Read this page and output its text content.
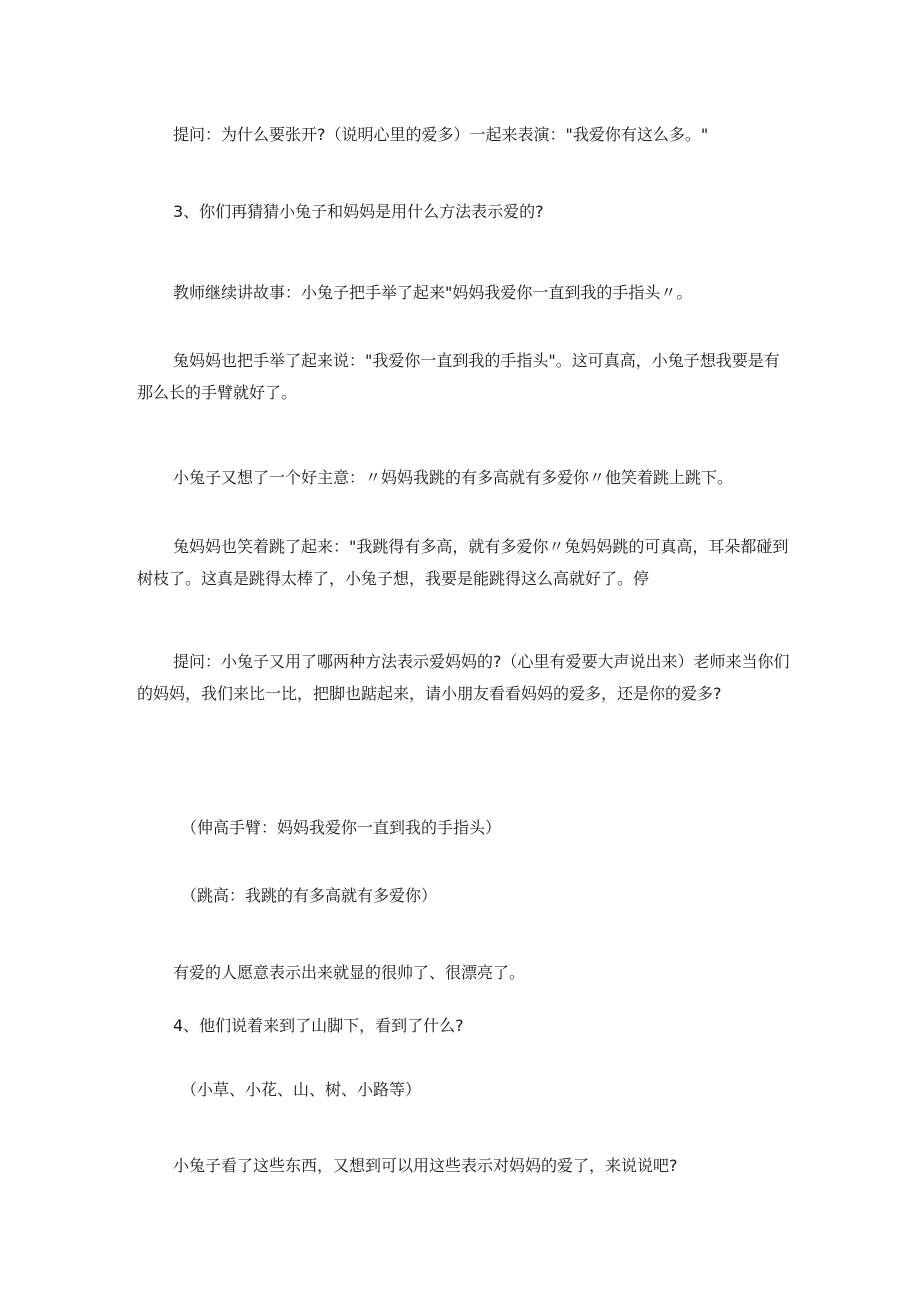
提问：为什么要张开?（说明心里的爱多）一起来表演："我爱你有这么多。"

3、你们再猜猜小兔子和妈妈是用什么方法表示爱的?

教师继续讲故事：小兔子把手举了起来"妈妈我爱你一直到我的手指头〃。

兔妈妈也把手举了起来说："我爱你一直到我的手指头"。这可真高，小兔子想我要是有那么长的手臂就好了。

小兔子又想了一个好主意：〃妈妈我跳的有多高就有多爱你〃他笑着跳上跳下。

兔妈妈也笑着跳了起来："我跳得有多高，就有多爱你〃兔妈妈跳的可真高，耳朵都碰到树枝了。这真是跳得太棒了，小兔子想，我要是能跳得这么高就好了。停

提问：小兔子又用了哪两种方法表示爱妈妈的?（心里有爱要大声说出来）老师来当你们的妈妈，我们来比一比，把脚也踮起来，请小朋友看看妈妈的爱多，还是你的爱多?

（伸高手臂：妈妈我爱你一直到我的手指头）

（跳高：我跳的有多高就有多爱你）

有爱的人愿意表示出来就显的很帅了、很漂亮了。

4、他们说着来到了山脚下，看到了什么?

（小草、小花、山、树、小路等）

小兔子看了这些东西，又想到可以用这些表示对妈妈的爱了，来说说吧?
